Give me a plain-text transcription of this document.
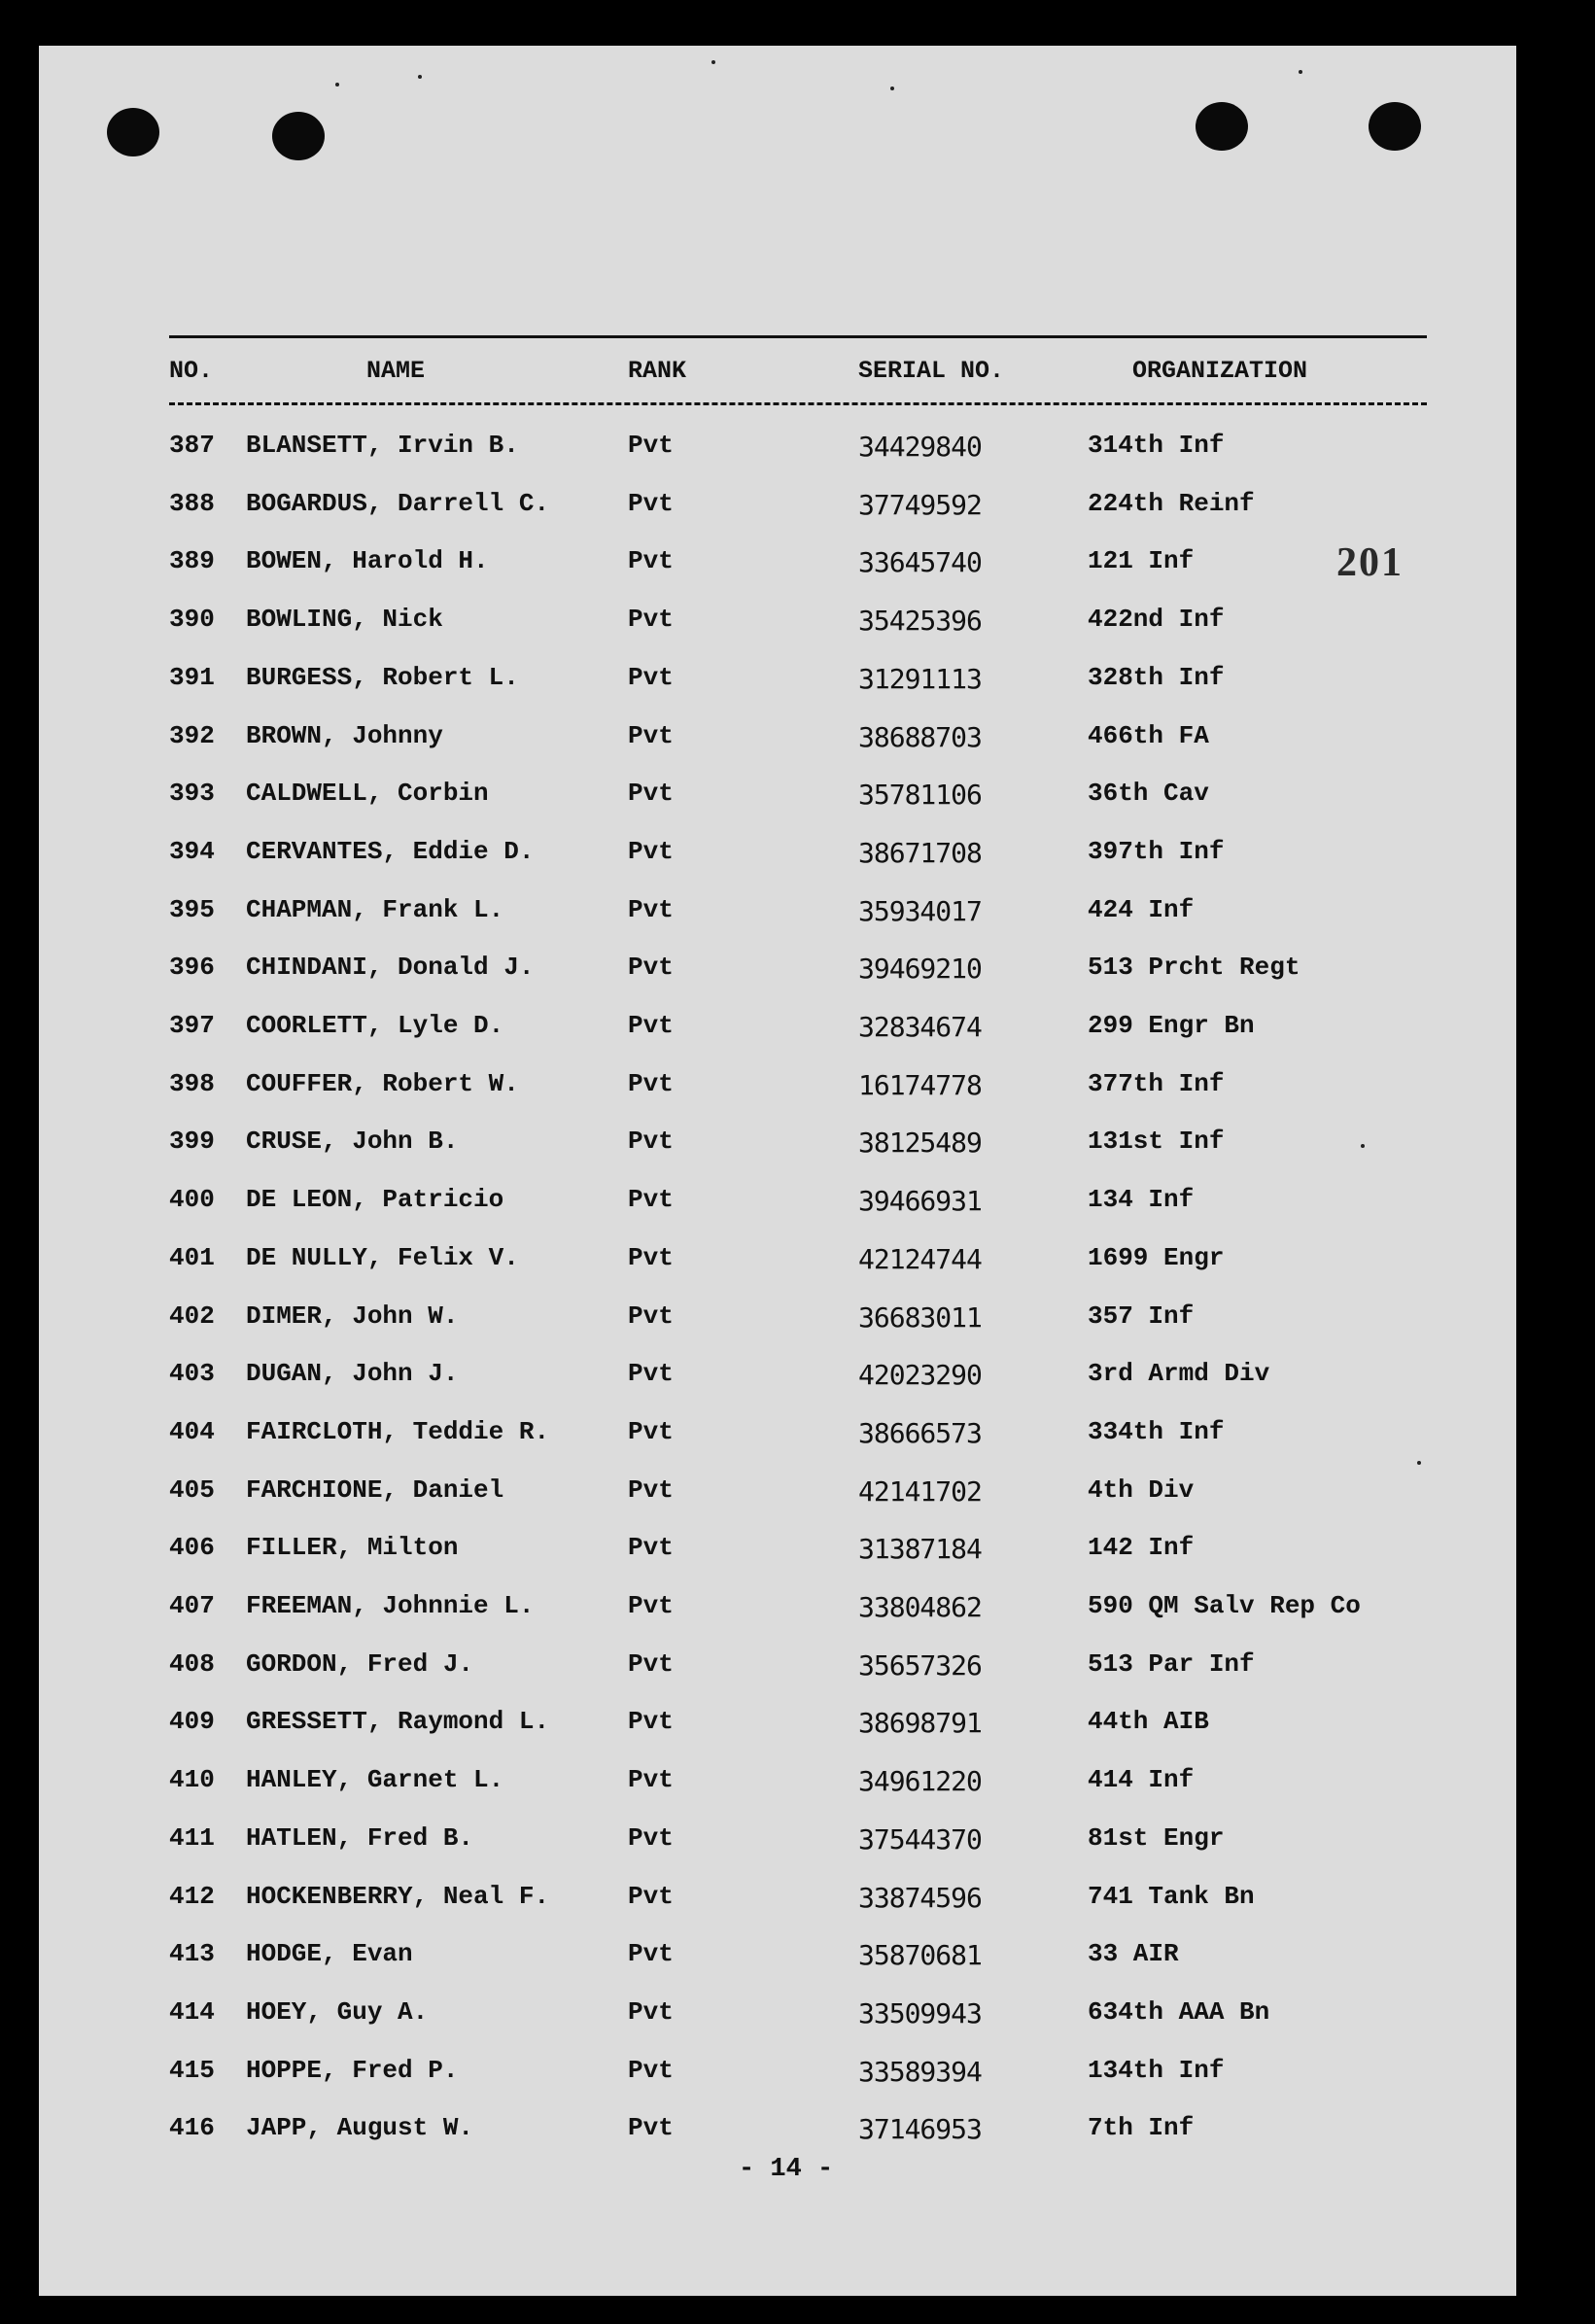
NO.	NAME	RANK	SERIAL NO.	ORGANIZATION
387 BLANSETT, Irvin B.	Pvt	34429840	314th Inf
388 BOGARDUS, Darrell C.	Pvt	37749592	224th Reinf
389 BOWEN, Harold H.	Pvt	33645740	121 Inf
390 BOWLING, Nick	Pvt	35425396	422nd Inf
391 BURGESS, Robert L.	Pvt	31291113	328th Inf
392 BROWN, Johnny	Pvt	38688703	466th FA
393 CALDWELL, Corbin	Pvt	35781106	36th Cav
394 CERVANTES, Eddie D.	Pvt	38671708	397th Inf
395 CHAPMAN, Frank L.	Pvt	35934017	424 Inf
396 CHINDANI, Donald J.	Pvt	39469210	513 Prcht Regt
397 COORLETT, Lyle D.	Pvt	32834674	299 Engr Bn
398 COUFFER, Robert W.	Pvt	16174778	377th Inf
399 CRUSE, John B.	Pvt	38125489	131st Inf
400 DE LEON, Patricio	Pvt	39466931	134 Inf
401 DE NULLY, Felix V.	Pvt	42124744	1699 Engr
402 DIMER, John W.	Pvt	36683011	357 Inf
403 DUGAN, John J.	Pvt	42023290	3rd Armd Div
404 FAIRCLOTH, Teddie R.	Pvt	38666573	334th Inf
405 FARCHIONE, Daniel	Pvt	42141702	4th Div
406 FILLER, Milton	Pvt	31387184	142 Inf
407 FREEMAN, Johnnie L.	Pvt	33804862	590 QM Salv Rep Co
408 GORDON, Fred J.	Pvt	35657326	513 Par Inf
409 GRESSETT, Raymond L.	Pvt	38698791	44th AIB
410 HANLEY, Garnet L.	Pvt	34961220	414 Inf
411 HATLEN, Fred B.	Pvt	37544370	81st Engr
412 HOCKENBERRY, Neal F.	Pvt	33874596	741 Tank Bn
413 HODGE, Evan	Pvt	35870681	33 AIR
414 HOEY, Guy A.	Pvt	33509943	634th AAA Bn
415 HOPPE, Fred P.	Pvt	33589394	134th Inf
416 JAPP, August W.	Pvt	37146953	7th Inf
201
- 14 -
